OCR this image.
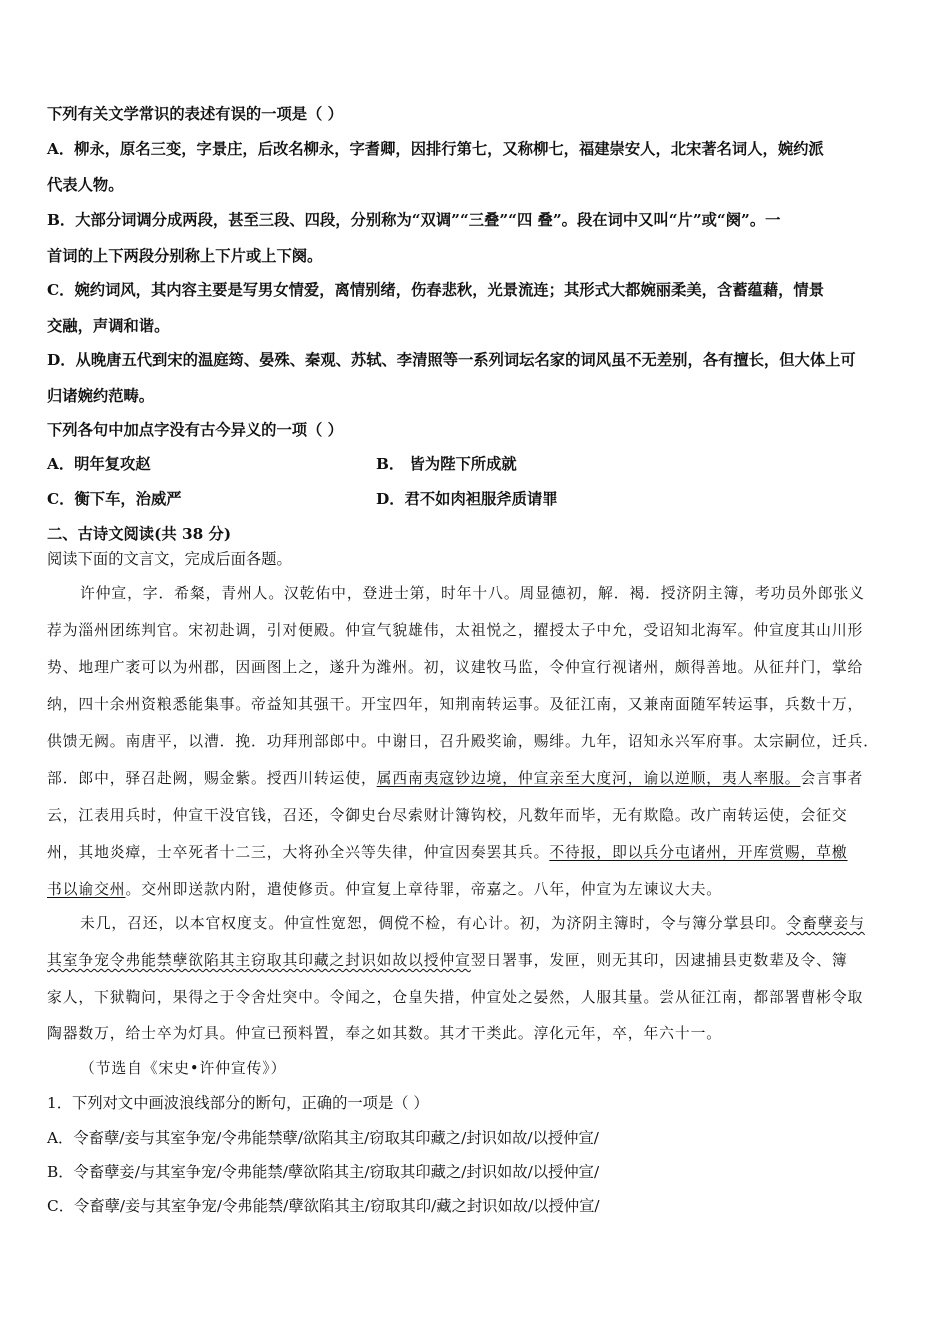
下列有关文学常识的表述有误的一项是（ ）
A．柳永，原名三变，字景庄，后改名柳永，字耆卿，因排行第七，又称柳七，福建崇安人，北宋著名词人，婉约派
代表人物。
B．大部分词调分成两段，甚至三段、四段，分别称为“双调”“三叠”“四 叠”。段在词中又叫“片”或“阕”。一
首词的上下两段分别称上下片或上下阕。
C．婉约词风，其内容主要是写男女情爱，离情别绪，伤春悲秋，光景流连；其形式大都婉丽柔美，含蓄蕴藉，情景
交融，声调和谐。
D．从晚唐五代到宋的温庭筠、晏殊、秦观、苏轼、李清照等一系列词坛名家的词风虽不无差别，各有擅长，但大体上可
归诸婉约范畴。
下列各句中加点字没有古今异义的一项（ ）
A．明年复攻赵	B． 皆为陛下所成就
C．衡下车，治威严	D．君不如肉袒服斧质请罪
二、古诗文阅读(共 38 分)
阅读下面的文言文，完成后面各题。
许仲宣，字．希粲，青州人。汉乾佑中，登进士第，时年十八。周显德初，解．褐．授济阴主簿，考功员外郎张义
荐为淄州团练判官。宋初赴调，引对便殿。仲宣气貌雄伟，太祖悦之，擢授太子中允，受诏知北海军。仲宣度其山川形
势、地理广袤可以为州郡，因画图上之，遂升为潍州。初，议建牧马监，令仲宣行视诸州，颇得善地。从征幷门，掌给
纳，四十余州资粮悉能集事。帝益知其强干。开宝四年，知荆南转运事。及征江南，又兼南面随军转运事，兵数十万，
供馈无阙。南唐平，以漕．挽．功拜刑部郎中。中谢日，召升殿奖谕，赐绯。九年，诏知永兴军府事。太宗嗣位，迁兵．
部．郎中，驿召赴阙，赐金紫。授西川转运使，属西南夷寇钞边境，仲宣亲至大度河，谕以逆顺，夷人率服。会言事者
云，江表用兵时，仲宣干没官钱，召还，令御史台尽索财计簿钩校，凡数年而毕，无有欺隐。改广南转运使，会征交
州，其地炎瘴，士卒死者十二三，大将孙全兴等失律，仲宣因奏罢其兵。不待报，即以兵分屯诸州，开库赏赐，草檄
书以谕交州。交州即送款内附，遣使修贡。仲宣复上章待罪，帝嘉之。八年，仲宣为左谏议大夫。
未几，召还，以本官权度支。仲宣性宽恕，倜傥不检，有心计。初，为济阴主簿时，令与簿分掌县印。令畜孽妾与
其室争宠令弗能禁孽欲陷其主窃取其印藏之封识如故以授仲宣翌日署事，发匣，则无其印，因逮捕县吏数辈及令、簿
家人，下狱鞫问，果得之于令舍灶突中。令闻之，仓皇失措，仲宣处之晏然，人服其量。尝从征江南，都部署曹彬令取
陶器数万，给士卒为灯具。仲宣已预料置，奉之如其数。其才干类此。淳化元年，卒，年六十一。
（节选自《宋史•许仲宣传》）
1．下列对文中画波浪线部分的断句，正确的一项是（ ）
A．令畜孽/妾与其室争宠/令弗能禁孽/欲陷其主/窃取其印藏之/封识如故/以授仲宣/
B．令畜孽妾/与其室争宠/令弗能禁/孽欲陷其主/窃取其印藏之/封识如故/以授仲宣/
C．令畜孽/妾与其室争宠/令弗能禁/孽欲陷其主/窃取其印/藏之封识如故/以授仲宣/
